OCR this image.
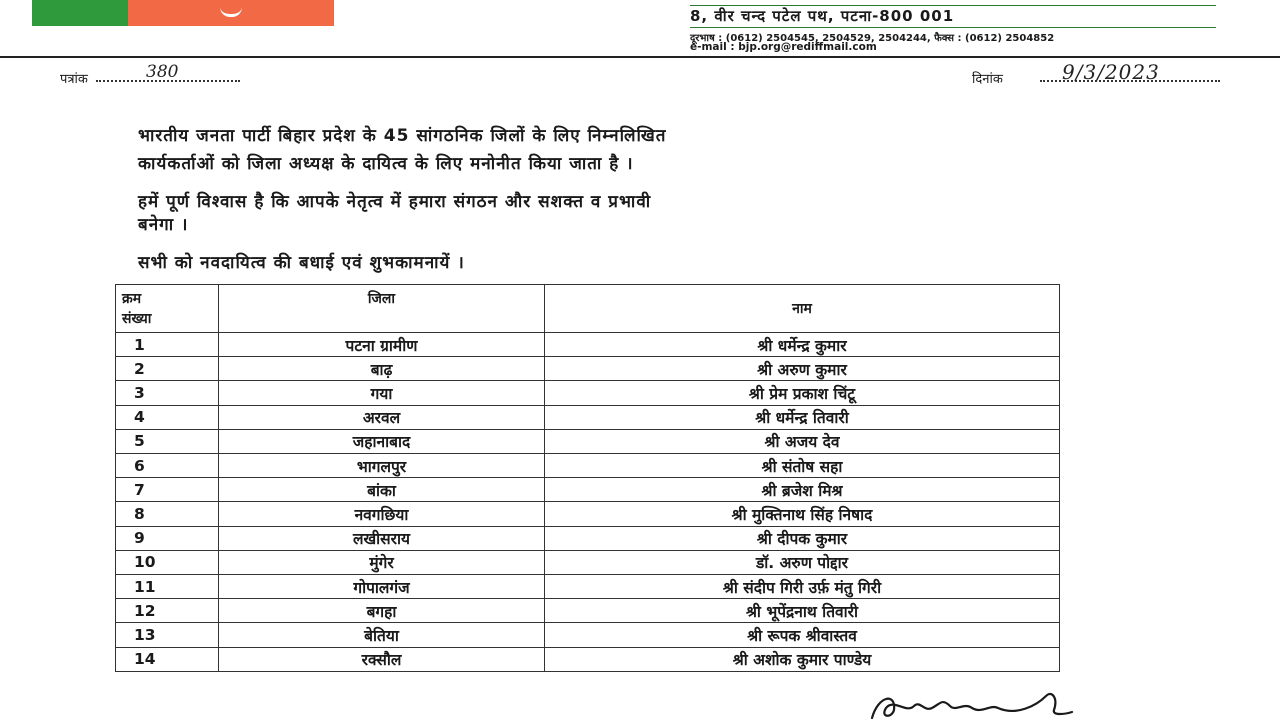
8, वीर चन्द पटेल पथ, पटना-800 001
दूरभाष : (0612) 2504545, 2504529, 2504244, फैक्स : (0612) 2504852
e-mail : bjp.org@rediffmail.com
पत्रांक	380	दिनांक	9/3/2023
भारतीय जनता पार्टी बिहार प्रदेश के 45 सांगठनिक जिलों के लिए निम्नलिखित
कार्यकर्ताओं को जिला अध्यक्ष के दायित्व के लिए मनोनीत किया जाता है ।
हमें पूर्ण विश्वास है कि आपके नेतृत्व में हमारा संगठन और सशक्त व प्रभावी
बनेगा ।
सभी को नवदायित्व की बधाई एवं शुभकामनायें ।
क्रम
संख्या	जिला	नाम
1	पटना ग्रामीण	श्री धर्मेन्द्र कुमार
2	बाढ़	श्री अरुण कुमार
3	गया	श्री प्रेम प्रकाश चिंटू
4	अरवल	श्री धर्मेन्द्र तिवारी
5	जहानाबाद	श्री अजय देव
6	भागलपुर	श्री संतोष सहा
7	बांका	श्री ब्रजेश मिश्र
8	नवगछिया	श्री मुक्तिनाथ सिंह निषाद
9	लखीसराय	श्री दीपक कुमार
10	मुंगेर	डॉ. अरुण पोद्दार
11	गोपालगंज	श्री संदीप गिरी उर्फ़ मंतु गिरी
12	बगहा	श्री भूपेंद्रनाथ तिवारी
13	बेतिया	श्री रूपक श्रीवास्तव
14	रक्सौल	श्री अशोक कुमार पाण्डेय
